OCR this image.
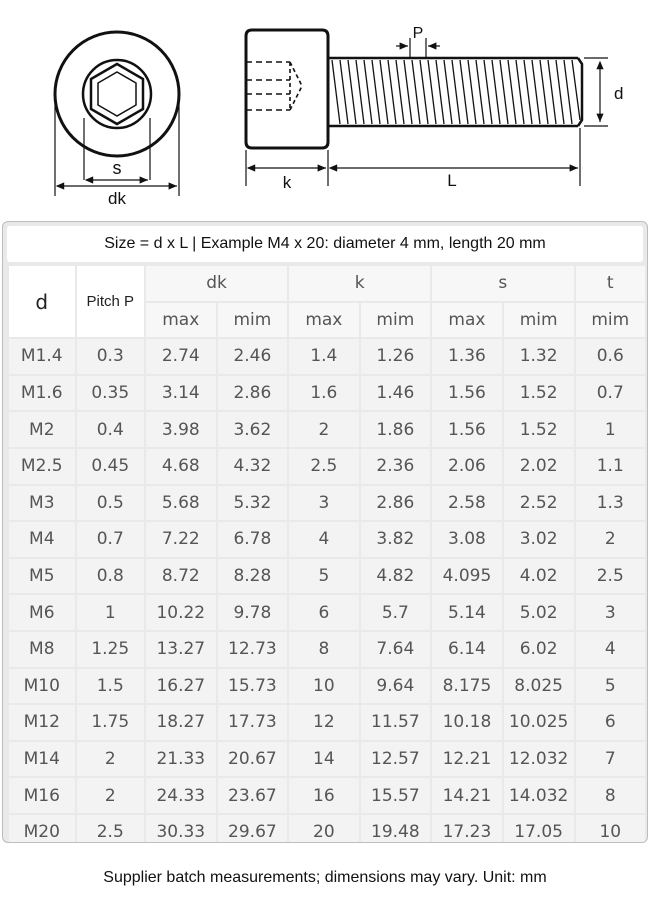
s
dk
P
d
k	L
Size = d x L | Example M4 x 20: diameter 4 mm, length 20 mm
d	Pitch P	dk		k		s		t
		max	mim	max	mim	max	mim	mim
M1.4	0.3	2.74	2.46	1.4	1.26	1.36	1.32	0.6
M1.6	0.35	3.14	2.86	1.6	1.46	1.56	1.52	0.7
M2	0.4	3.98	3.62	2	1.86	1.56	1.52	1
M2.5	0.45	4.68	4.32	2.5	2.36	2.06	2.02	1.1
M3	0.5	5.68	5.32	3	2.86	2.58	2.52	1.3
M4	0.7	7.22	6.78	4	3.82	3.08	3.02	2
M5	0.8	8.72	8.28	5	4.82	4.095	4.02	2.5
M6	1	10.22	9.78	6	5.7	5.14	5.02	3
M8	1.25	13.27	12.73	8	7.64	6.14	6.02	4
M10	1.5	16.27	15.73	10	9.64	8.175	8.025	5
M12	1.75	18.27	17.73	12	11.57	10.18	10.025	6
M14	2	21.33	20.67	14	12.57	12.21	12.032	7
M16	2	24.33	23.67	16	15.57	14.21	14.032	8
M20	2.5	30.33	29.67	20	19.48	17.23	17.05	10
Supplier batch measurements; dimensions may vary. Unit: mm
